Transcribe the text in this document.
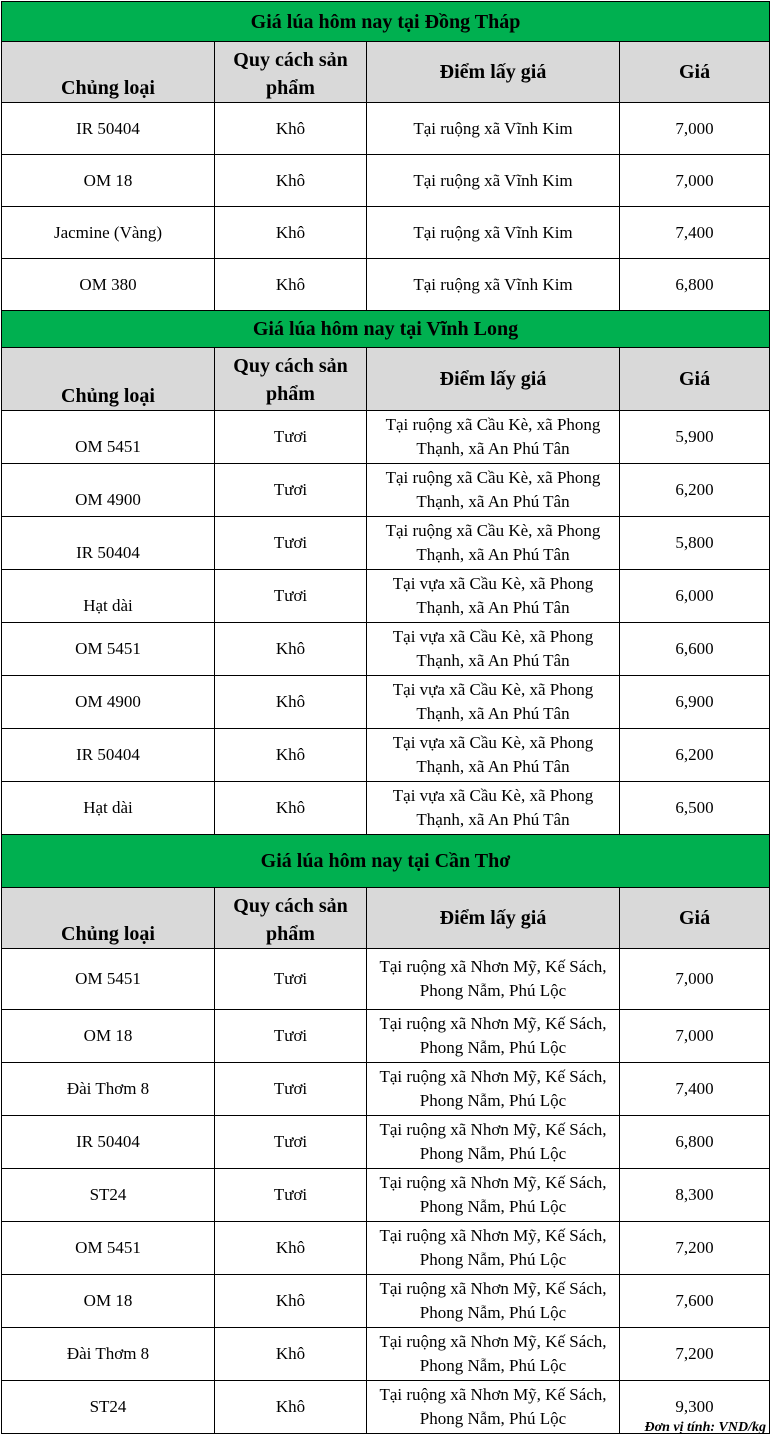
Giá lúa hôm nay tại Đồng Tháp			
Chủng loại	Quy cách sản phẩm	Điểm lấy giá	Giá
IR 50404	Khô	Tại ruộng xã Vĩnh Kim	7,000
OM 18	Khô	Tại ruộng xã Vĩnh Kim	7,000
Jacmine (Vàng)	Khô	Tại ruộng xã Vĩnh Kim	7,400
OM 380	Khô	Tại ruộng xã Vĩnh Kim	6,800
Giá lúa hôm nay tại Vĩnh Long			
Chủng loại	Quy cách sản phẩm	Điểm lấy giá	Giá
OM 5451	Tươi	Tại ruộng xã Cầu Kè, xã Phong Thạnh, xã An Phú Tân	5,900
OM 4900	Tươi	Tại ruộng xã Cầu Kè, xã Phong Thạnh, xã An Phú Tân	6,200
IR 50404	Tươi	Tại ruộng xã Cầu Kè, xã Phong Thạnh, xã An Phú Tân	5,800
Hạt dài	Tươi	Tại vựa xã Cầu Kè, xã Phong Thạnh, xã An Phú Tân	6,000
OM 5451	Khô	Tại vựa xã Cầu Kè, xã Phong Thạnh, xã An Phú Tân	6,600
OM 4900	Khô	Tại vựa xã Cầu Kè, xã Phong Thạnh, xã An Phú Tân	6,900
IR 50404	Khô	Tại vựa xã Cầu Kè, xã Phong Thạnh, xã An Phú Tân	6,200
Hạt dài	Khô	Tại vựa xã Cầu Kè, xã Phong Thạnh, xã An Phú Tân	6,500
Giá lúa hôm nay tại Cần Thơ			
Chủng loại	Quy cách sản phẩm	Điểm lấy giá	Giá
OM 5451	Tươi	Tại ruộng xã Nhơn Mỹ, Kế Sách, Phong Nẫm, Phú Lộc	7,000
OM 18	Tươi	Tại ruộng xã Nhơn Mỹ, Kế Sách, Phong Nẫm, Phú Lộc	7,000
Đài Thơm 8	Tươi	Tại ruộng xã Nhơn Mỹ, Kế Sách, Phong Nẫm, Phú Lộc	7,400
IR 50404	Tươi	Tại ruộng xã Nhơn Mỹ, Kế Sách, Phong Nẫm, Phú Lộc	6,800
ST24	Tươi	Tại ruộng xã Nhơn Mỹ, Kế Sách, Phong Nẫm, Phú Lộc	8,300
OM 5451	Khô	Tại ruộng xã Nhơn Mỹ, Kế Sách, Phong Nẫm, Phú Lộc	7,200
OM 18	Khô	Tại ruộng xã Nhơn Mỹ, Kế Sách, Phong Nẫm, Phú Lộc	7,600
Đài Thơm 8	Khô	Tại ruộng xã Nhơn Mỹ, Kế Sách, Phong Nẫm, Phú Lộc	7,200
ST24	Khô	Tại ruộng xã Nhơn Mỹ, Kế Sách, Phong Nẫm, Phú Lộc	9,300
Đơn vị tính: VND/kg
